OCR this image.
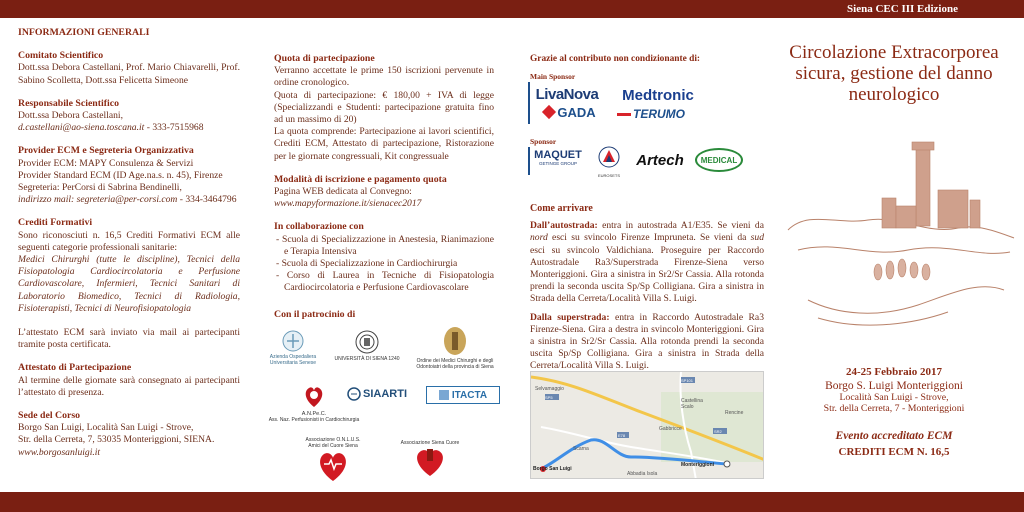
Siena CEC III Edizione
INFORMAZIONI GENERALI
Comitato Scientifico

Dott.ssa Debora Castellani, Prof. Mario Chiavarelli, Prof. Sabino Scolletta, Dott.ssa Felicetta Simeone

Responsabile Scientifico

Dott.ssa Debora Castellani,

d.castellani@ao-siena.toscana.it - 333-7515968

Provider ECM e Segreteria Organizzativa

Provider ECM: MAPY Consulenza & Servizi

Provider Standard ECM (ID Age.na.s. n. 45), Firenze

Segreteria: PerCorsi di Sabrina Bendinelli,

indirizzo mail: segreteria@per-corsi.com - 334-3464796

Crediti Formativi

Sono riconosciuti n. 16,5 Crediti Formativi ECM alle seguenti categorie professionali sanitarie:

Medici Chirurghi (tutte le discipline), Tecnici della Fisiopatologia Cardiocircolatoria e Perfusione Cardiovascolare, Infermieri, Tecnici Sanitari di Laboratorio Biomedico, Tecnici di Radiologia, Fisioterapisti, Tecnici di Neurofisiopatologia

L’attestato ECM sarà inviato via mail ai partecipanti tramite posta certificata.

Attestato di Partecipazione

Al termine delle giornate sarà consegnato ai partecipanti l’attestato di presenza.

Sede del Corso

Borgo San Luigi, Località San Luigi - Strove,

Str. della Cerreta, 7, 53035 Monteriggioni, SIENA.

www.borgosanluigi.it

Quota di partecipazione

Verranno accettate le prime 150 iscrizioni pervenute in ordine cronologico.

Quota di partecipazione: € 180,00 + IVA di legge (Specializzandi e Studenti: partecipazione gratuita fino ad un massimo di 20)

La quota comprende: Partecipazione ai lavori scientifici, Crediti ECM, Attestato di partecipazione, Ristorazione per le giornate congressuali, Kit congressuale

Modalità di iscrizione e pagamento quota

Pagina WEB dedicata al Convegno:

www.mapyformazione.it/sienacec2017

In collaborazione con
- Scuola di Specializzazione in Anestesia, Rianimazione e Terapia Intensiva
- Scuola di Specializzazione in Cardiochirurgia
- Corso di Laurea in Tecniche di Fisiopatologia Cardiocircolatoria e Perfusione Cardiovascolare
Con il patrocinio di
Azienda Ospedaliera Universitaria Senese
UNIVERSITÀ DI SIENA 1240	Ordine dei Medici Chirurghi e degli Odontoiatri della provincia di Siena
A.N.Pe.C.
Ass. Naz. Perfusionisti in Cardiochirurgia
SIAARTI	ITACTA
Associazione O.N.L.U.S. Amici del Cuore Siena	Associazione Siena Cuore

Grazie al contributo non condizionante di:

Main Sponsor

LivaNova
GADA
Medtronic
TERUMO

Sponsor

MAQUET
GETINGE GROUP
EUROSETS
Artech MEDICAL

Come arrivare

Dall’autostrada: entra in autostrada A1/E35. Se vieni da nord esci su svincolo Firenze Impruneta. Se vieni da sud esci su svincolo Valdichiana. Proseguire per Raccordo Autostradale Ra3/Superstrada Firenze-Siena verso Monteriggioni. Gira a sinistra in Sr2/Sr Cassia. Alla rotonda prendi la seconda uscita Sp/Sp Colligiana. Gira a sinistra in Strada della Cerreta/Località Villa S. Luigi.

Dalla superstrada: entra in Raccordo Autostradale Ra3 Firenze-Siena. Gira a destra in svincolo Monteriggioni. Gira a sinistra in Sr2/Sr Cassia. Alla rotonda prendi la seconda uscita Sp/Sp Colligiana. Gira a sinistra in Strada della Cerreta/Località Villa S. Luigi.

SP101
SP5
SR2
E78
Selvamaggio
Castellina Scalo
Rencine
Gabbricce
Scarna
Borgo San Luigi
Monteriggioni
Abbadia Isola
Circolazione Extracorporea sicura, gestione del danno neurologico

24-25 Febbraio 2017

Borgo S. Luigi Monteriggioni

Località San Luigi - Strove,

Str. della Cerreta, 7 - Monteriggioni

Evento accreditato ECM

CREDITI ECM N. 16,5
